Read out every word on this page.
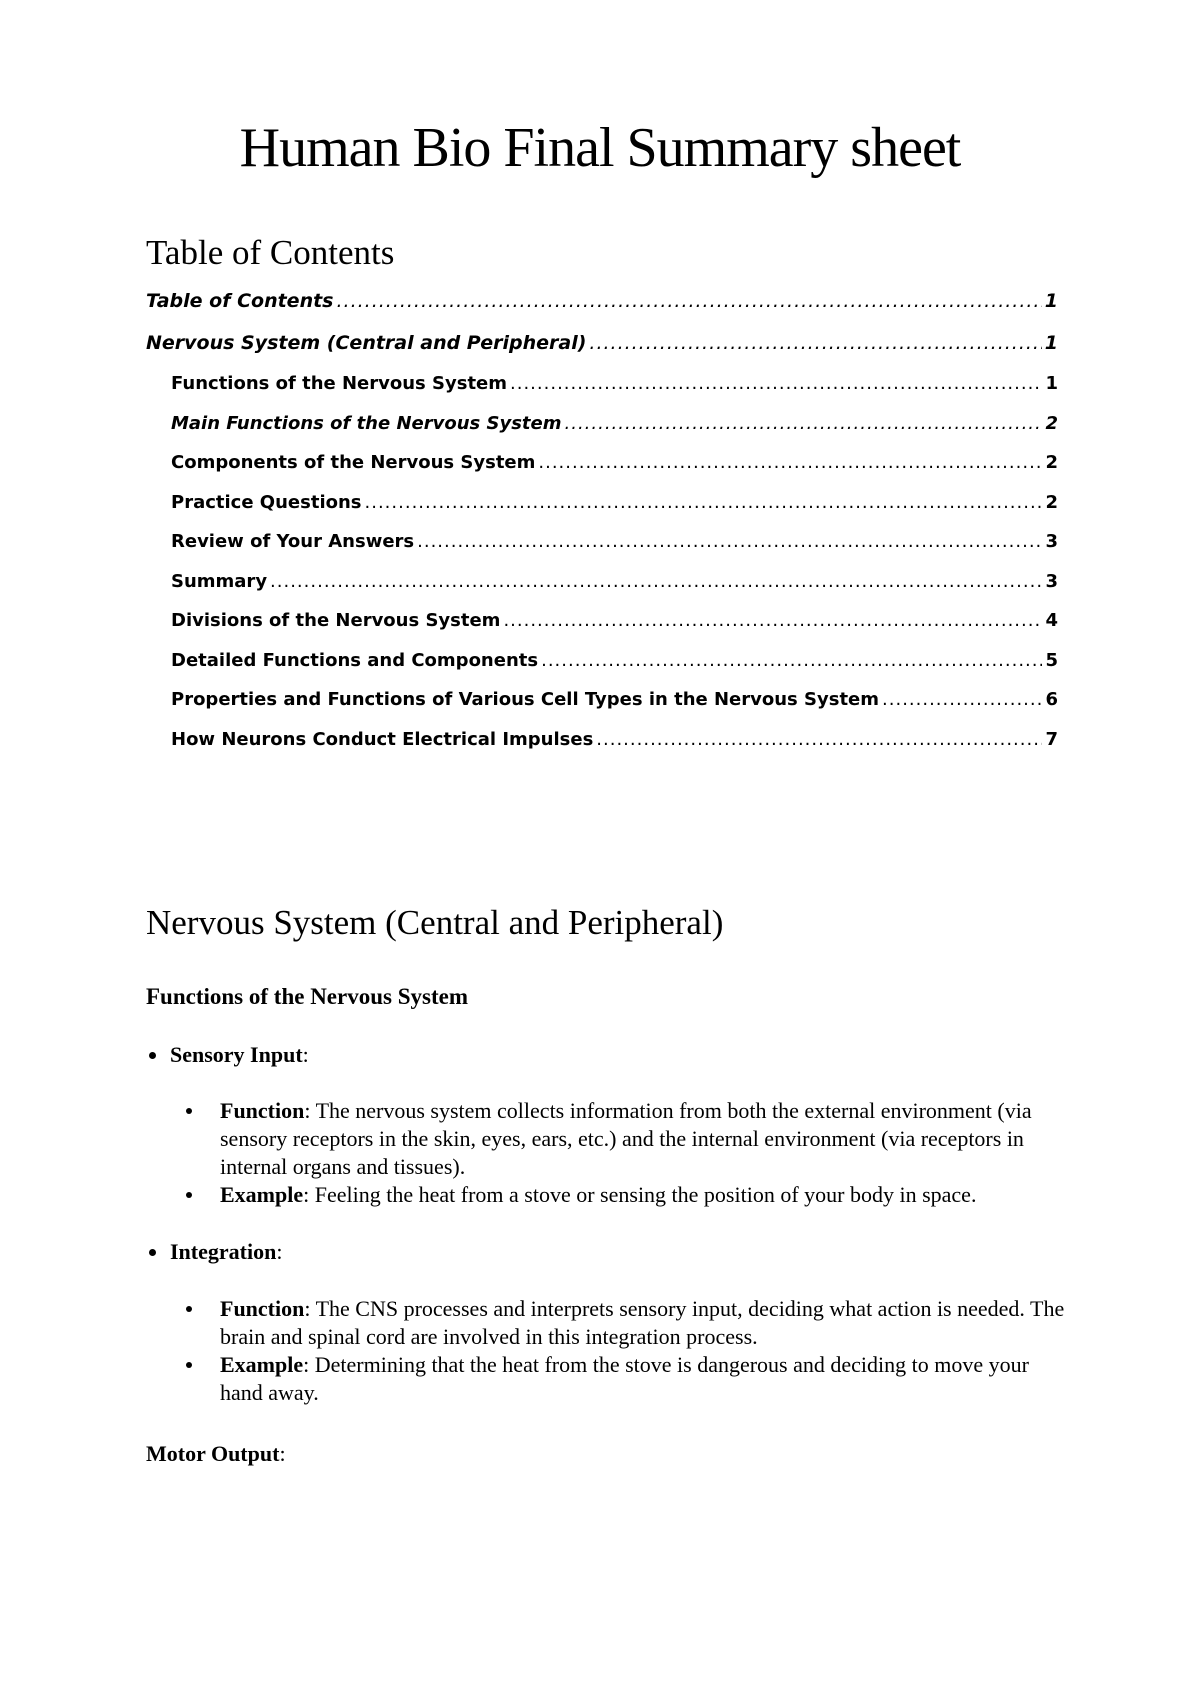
Human Bio Final Summary sheet
Table of Contents
Table of Contents .....	1
Nervous System (Central and Peripheral) .....	1
Functions of the Nervous System .....	1
Main Functions of the Nervous System .....	2
Components of the Nervous System .....	2
Practice Questions .....	2
Review of Your Answers .....	3
Summary .....	3
Divisions of the Nervous System .....	4
Detailed Functions and Components .....	5
Properties and Functions of Various Cell Types in the Nervous System .....	6
How Neurons Conduct Electrical Impulses .....	7
Nervous System (Central and Peripheral)
Functions of the Nervous System
Sensory Input:
Function: The nervous system collects information from both the external environment (via sensory receptors in the skin, eyes, ears, etc.) and the internal environment (via receptors in internal organs and tissues).
Example: Feeling the heat from a stove or sensing the position of your body in space.
Integration:
Function: The CNS processes and interprets sensory input, deciding what action is needed. The brain and spinal cord are involved in this integration process.
Example: Determining that the heat from the stove is dangerous and deciding to move your hand away.
Motor Output:
